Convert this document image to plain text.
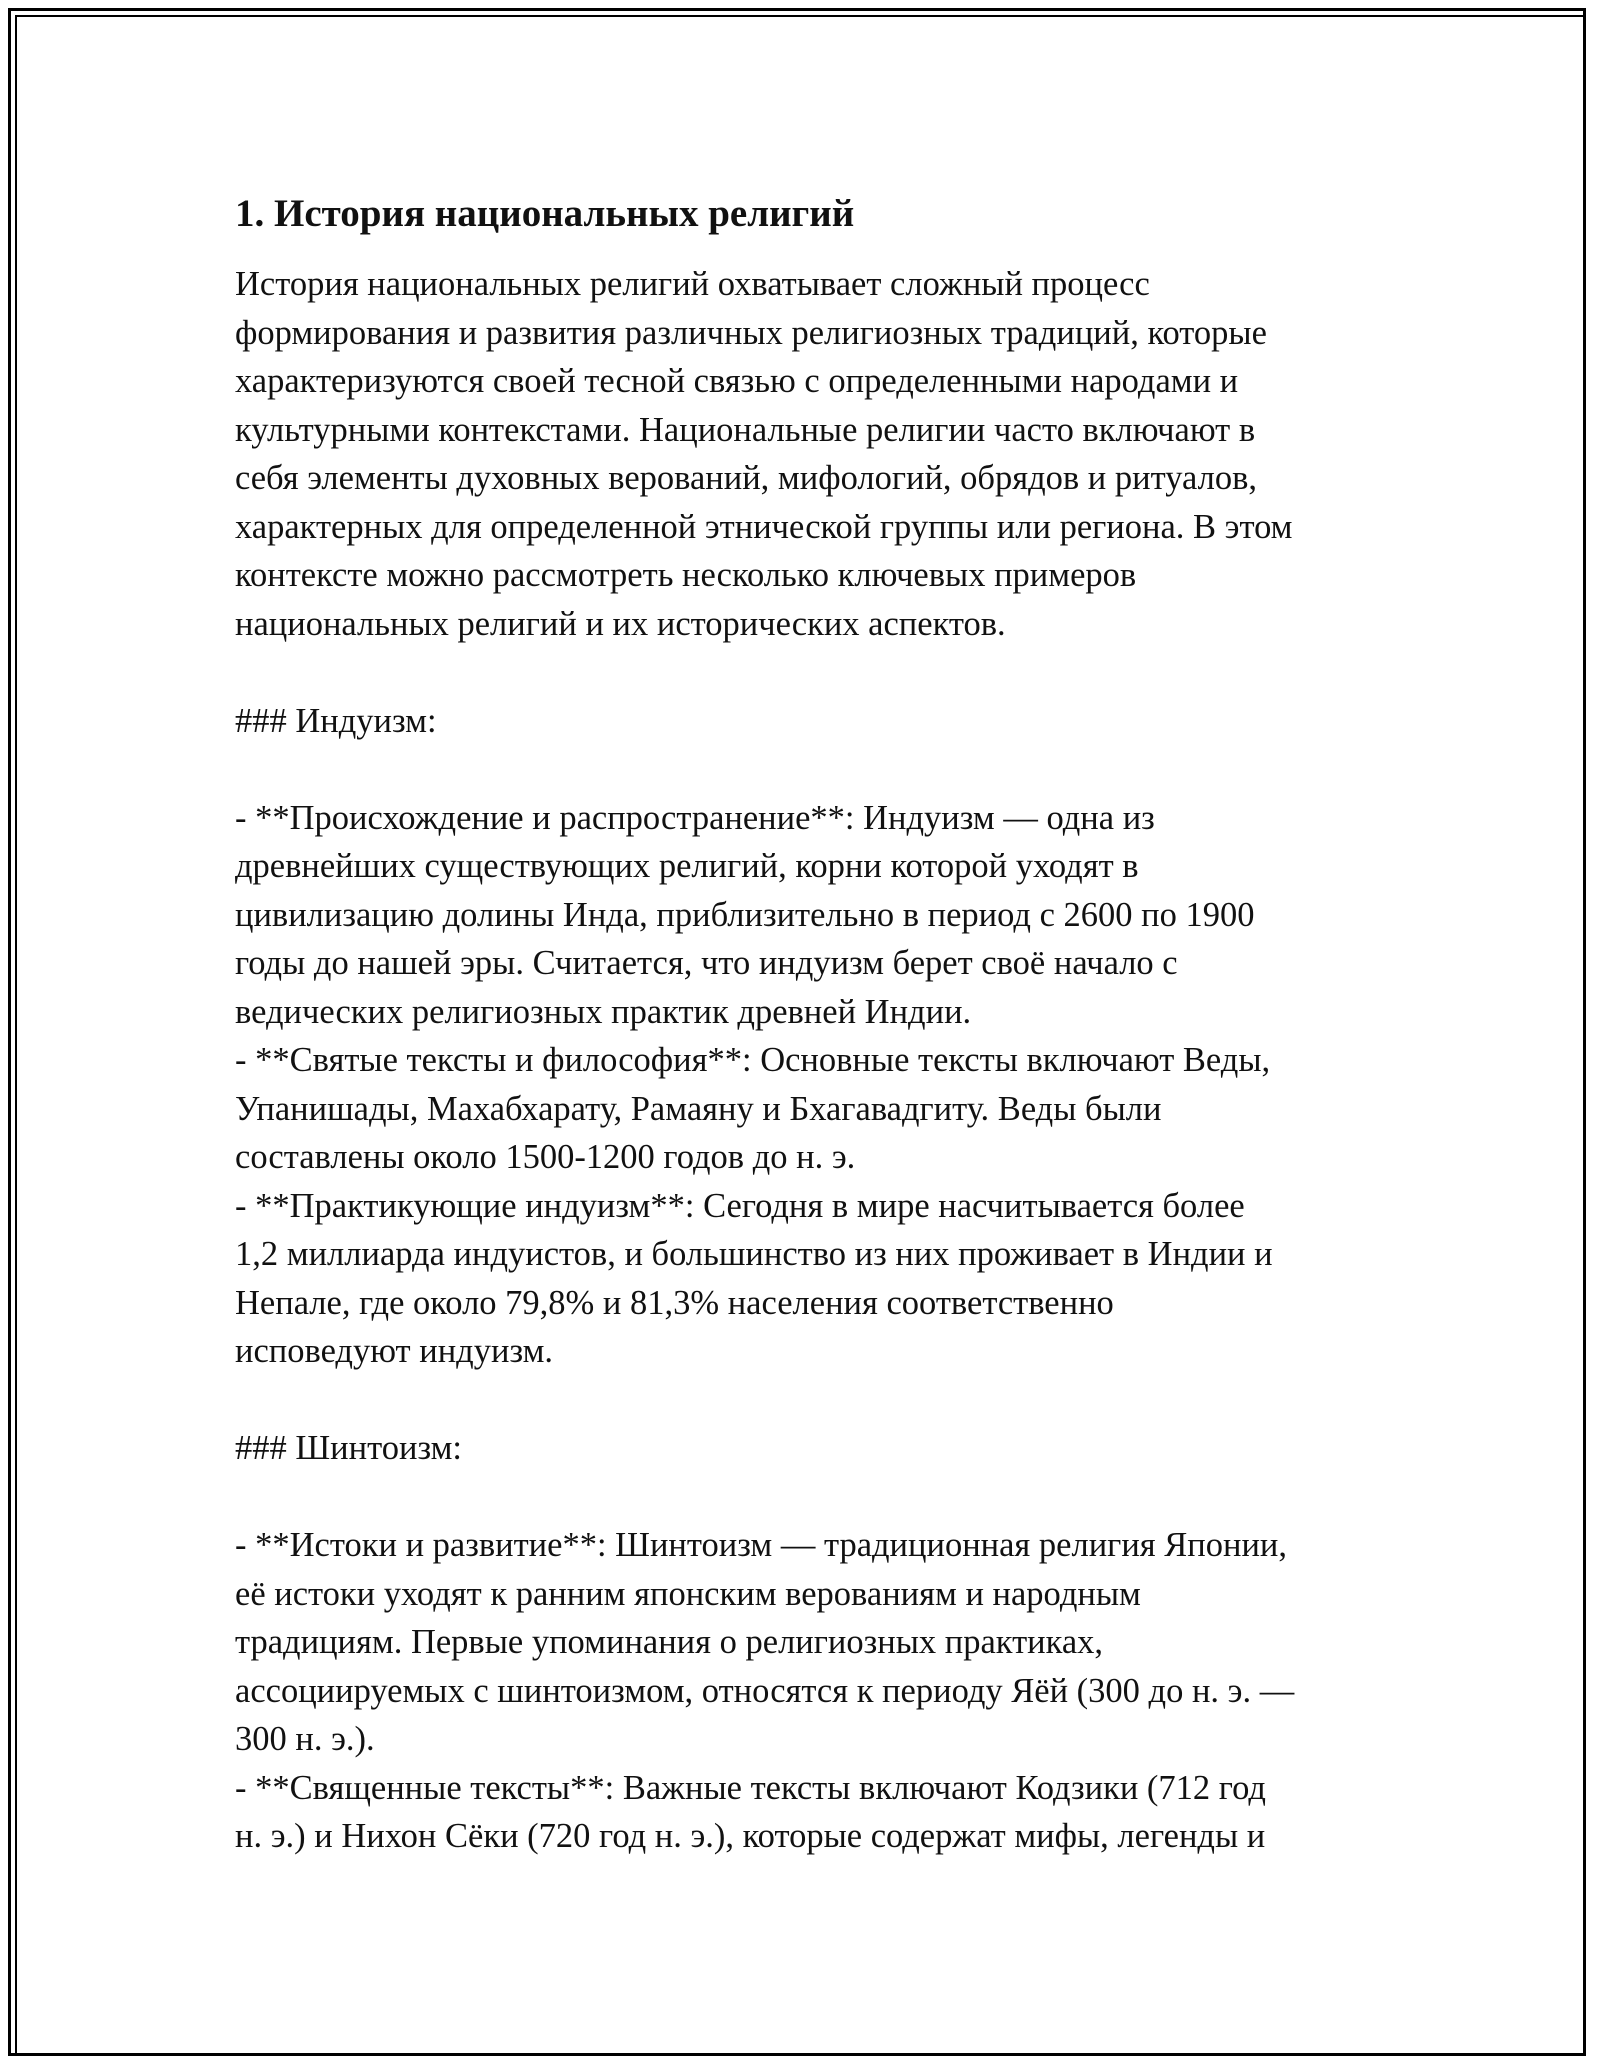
1. История национальных религий
История национальных религий охватывает сложный процесс
формирования и развития различных религиозных традиций, которые
характеризуются своей тесной связью с определенными народами и
культурными контекстами. Национальные религии часто включают в
себя элементы духовных верований, мифологий, обрядов и ритуалов,
характерных для определенной этнической группы или региона. В этом
контексте можно рассмотреть несколько ключевых примеров
национальных религий и их исторических аспектов.
### Индуизм:
- **Происхождение и распространение**: Индуизм — одна из
древнейших существующих религий, корни которой уходят в
цивилизацию долины Инда, приблизительно в период с 2600 по 1900
годы до нашей эры. Считается, что индуизм берет своё начало с
ведических религиозных практик древней Индии.
- **Святые тексты и философия**: Основные тексты включают Веды,
Упанишады, Махабхарату, Рамаяну и Бхагавадгиту. Веды были
составлены около 1500-1200 годов до н. э.
- **Практикующие индуизм**: Сегодня в мире насчитывается более
1,2 миллиарда индуистов, и большинство из них проживает в Индии и
Непале, где около 79,8% и 81,3% населения соответственно
исповедуют индуизм.
### Шинтоизм:
- **Истоки и развитие**: Шинтоизм — традиционная религия Японии,
её истоки уходят к ранним японским верованиям и народным
традициям. Первые упоминания о религиозных практиках,
ассоциируемых с шинтоизмом, относятся к периоду Яёй (300 до н. э. —
300 н. э.).
- **Священные тексты**: Важные тексты включают Кодзики (712 год
н. э.) и Нихон Сёки (720 год н. э.), которые содержат мифы, легенды и
